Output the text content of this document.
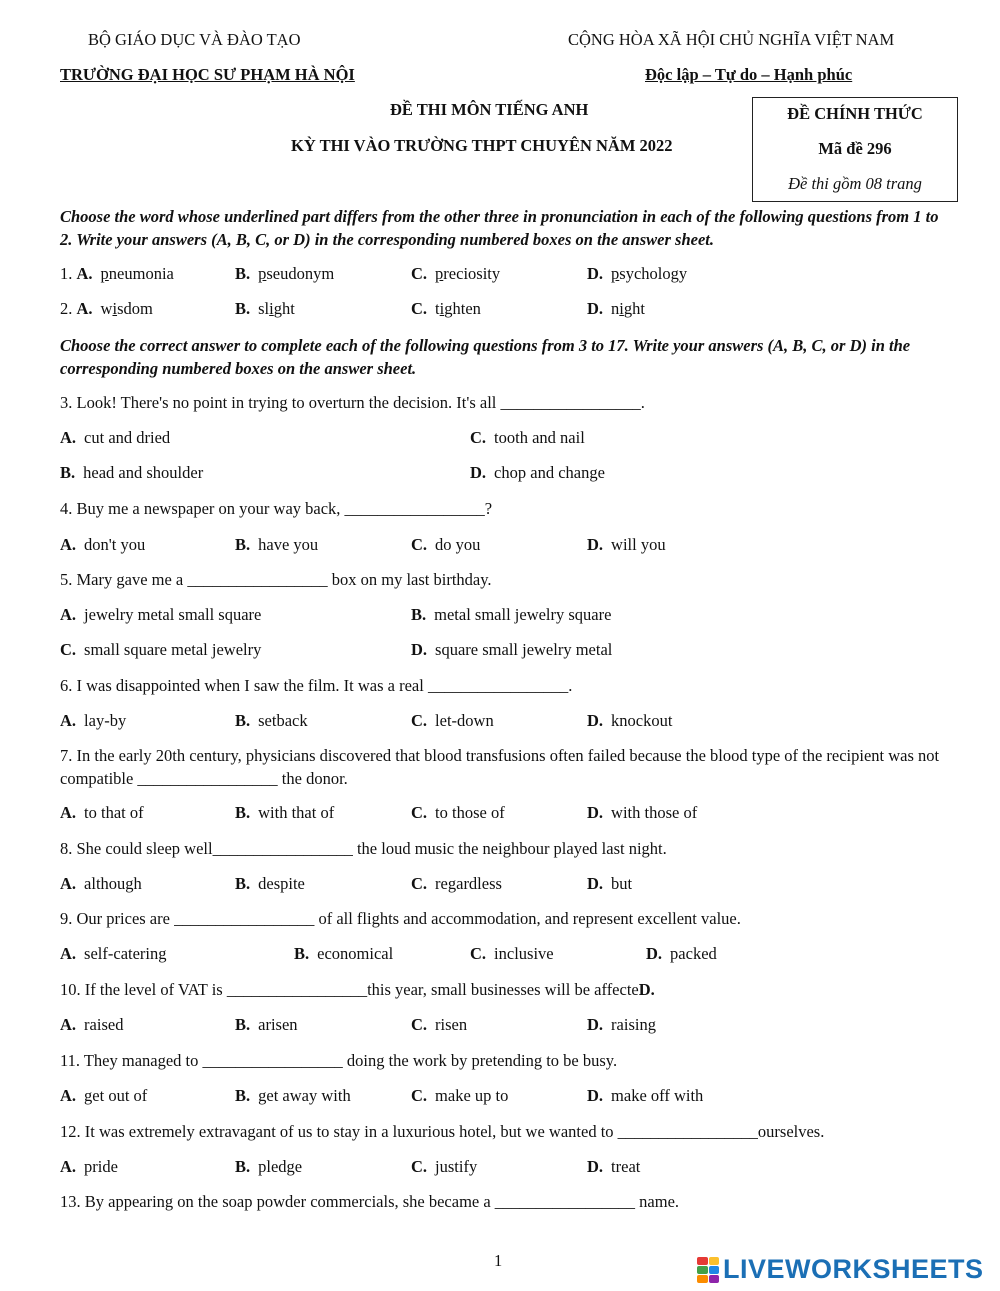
BỘ GIÁO DỤC VÀ ĐÀO TẠO
TRƯỜNG ĐẠI HỌC SƯ PHẠM HÀ NỘI
CỘNG HÒA XÃ HỘI CHỦ NGHĨA VIỆT NAM
Độc lập – Tự do – Hạnh phúc
ĐỀ THI MÔN TIẾNG ANH
KỲ THI VÀO TRƯỜNG THPT CHUYÊN NĂM 2022
ĐỀ CHÍNH THỨC
Mã đề 296
Đề thi gồm 08 trang
Choose the word whose underlined part differs from the other three in pronunciation in each of the following questions from 1 to 2. Write your answers (A, B, C, or D) in the corresponding numbered boxes on the answer sheet.
1. A. pneumonia	B. pseudonym	C. preciosity	D. psychology
2. A. wisdom	B. slight	C. tighten	D. night
Choose the correct answer to complete each of the following questions from 3 to 17. Write your answers (A, B, C, or D) in the corresponding numbered boxes on the answer sheet.
3. Look! There's no point in trying to overturn the decision. It's all _________________.
A. cut and dried	C. tooth and nail
B. head and shoulder	D. chop and change
4. Buy me a newspaper on your way back, _________________?
A. don't you	B. have you	C. do you	D. will you
5. Mary gave me a _________________ box on my last birthday.
A. jewelry metal small square	B. metal small jewelry square
C. small square metal jewelry	D. square small jewelry metal
6. I was disappointed when I saw the film. It was a real _________________.
A. lay-by	B. setback	C. let-down	D. knockout
7. In the early 20th century, physicians discovered that blood transfusions often failed because the blood type of the recipient was not compatible _________________ the donor.
A. to that of	B. with that of	C. to those of	D. with those of
8. She could sleep well_________________ the loud music the neighbour played last night.
A. although	B. despite	C. regardless	D. but
9. Our prices are _________________ of all flights and accommodation, and represent excellent value.
A. self-catering	B. economical	C. inclusive	D. packed
10. If the level of VAT is _________________this year, small businesses will be affecteD.
A. raised	B. arisen	C. risen	D. raising
11. They managed to _________________ doing the work by pretending to be busy.
A. get out of	B. get away with	C. make up to	D. make off with
12. It was extremely extravagant of us to stay in a luxurious hotel, but we wanted to _________________ourselves.
A. pride	B. pledge	C. justify	D. treat
13. By appearing on the soap powder commercials, she became a _________________ name.
1	LIVEWORKSHEETS
